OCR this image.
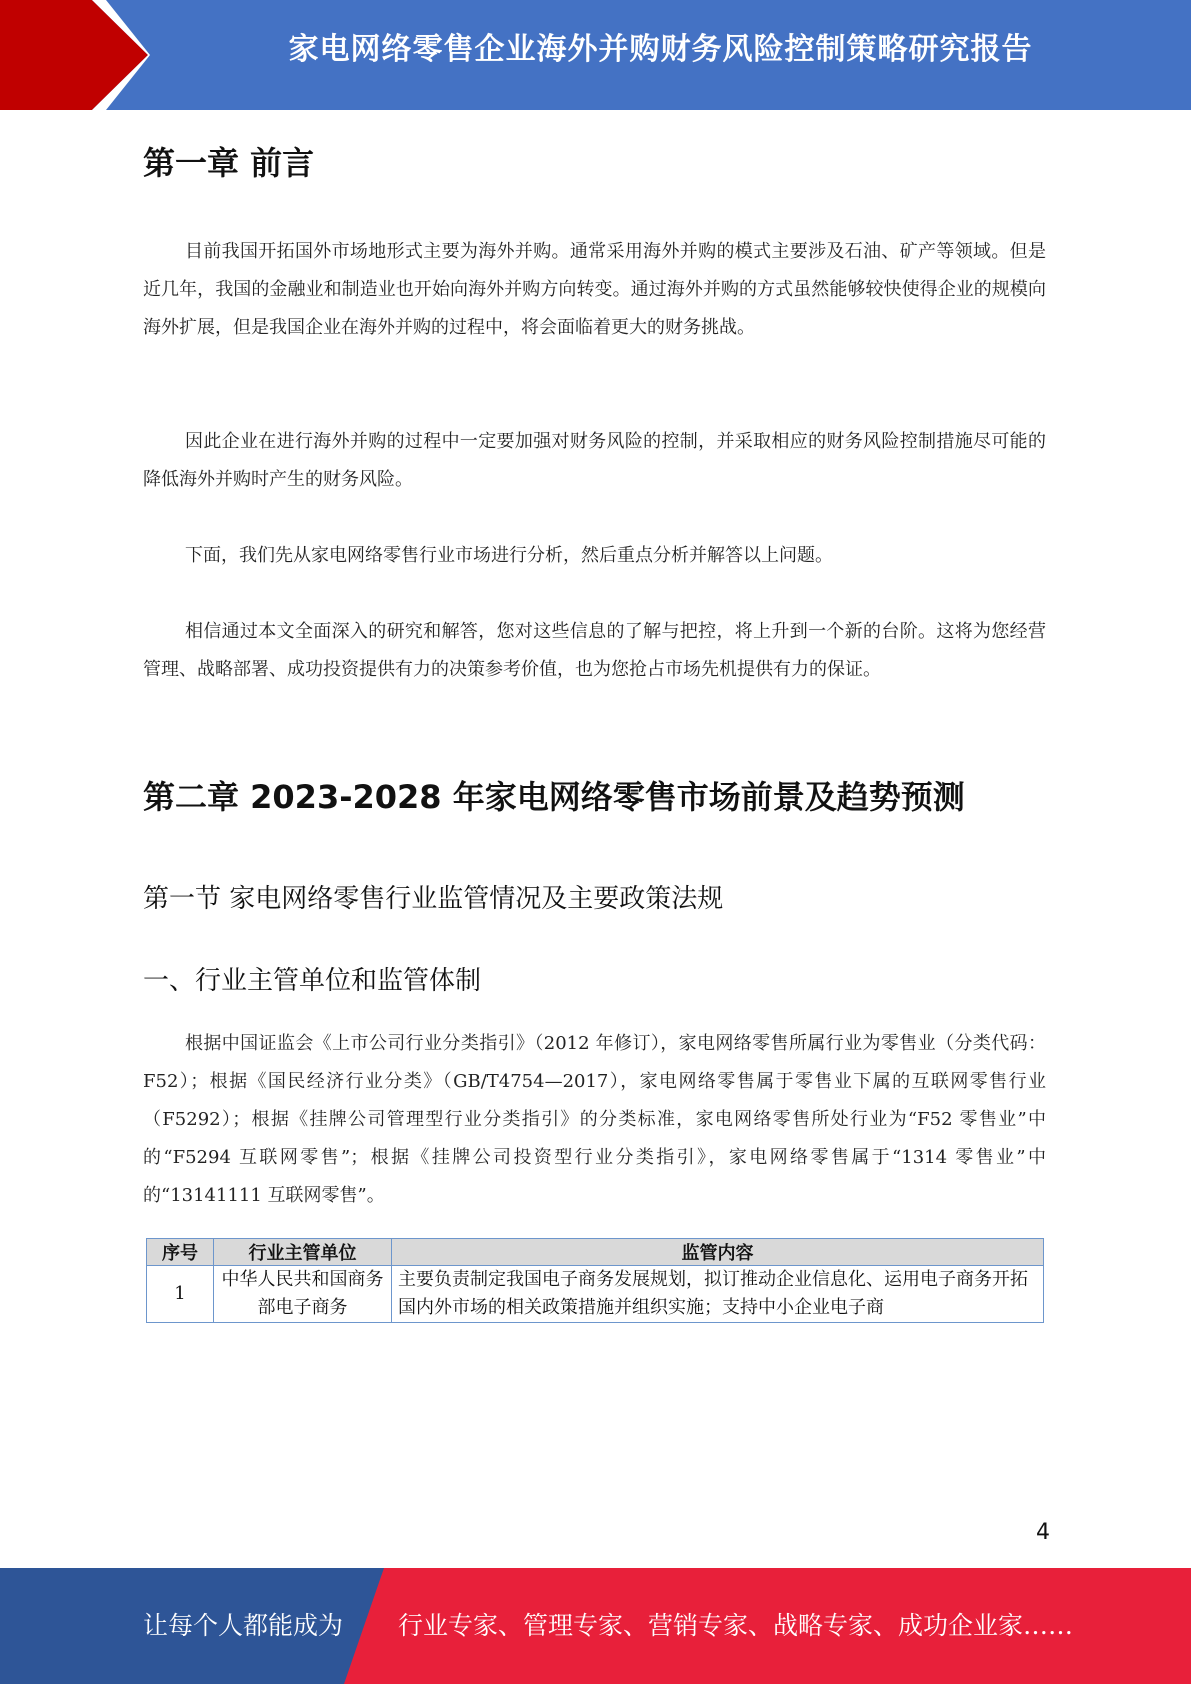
家电网络零售企业海外并购财务风险控制策略研究报告
第一章 前言
目前我国开拓国外市场地形式主要为海外并购。通常采用海外并购的模式主要涉及石油、矿产等领域。但是近几年，我国的金融业和制造业也开始向海外并购方向转变。通过海外并购的方式虽然能够较快使得企业的规模向海外扩展，但是我国企业在海外并购的过程中，将会面临着更大的财务挑战。
因此企业在进行海外并购的过程中一定要加强对财务风险的控制，并采取相应的财务风险控制措施尽可能的降低海外并购时产生的财务风险。
下面，我们先从家电网络零售行业市场进行分析，然后重点分析并解答以上问题。
相信通过本文全面深入的研究和解答，您对这些信息的了解与把控，将上升到一个新的台阶。这将为您经营管理、战略部署、成功投资提供有力的决策参考价值，也为您抢占市场先机提供有力的保证。
第二章 2023-2028 年家电网络零售市场前景及趋势预测
第一节 家电网络零售行业监管情况及主要政策法规
一、行业主管单位和监管体制
根据中国证监会《上市公司行业分类指引》（2012 年修订），家电网络零售所属行业为零售业（分类代码：F52）；根据《国民经济行业分类》（GB/T4754—2017），家电网络零售属于零售业下属的互联网零售行业（F5292）；根据《挂牌公司管理型行业分类指引》的分类标准，家电网络零售所处行业为“F52 零售业”中的“F5294 互联网零售”；根据《挂牌公司投资型行业分类指引》，家电网络零售属于“1314 零售业”中的“13141111 互联网零售”。
序号	行业主管单位	监管内容
1	中华人民共和国商务部电子商务	主要负责制定我国电子商务发展规划，拟订推动企业信息化、运用电子商务开拓国内外市场的相关政策措施并组织实施；支持中小企业电子商
4
让每个人都能成为 行业专家、管理专家、营销专家、战略专家、成功企业家……
